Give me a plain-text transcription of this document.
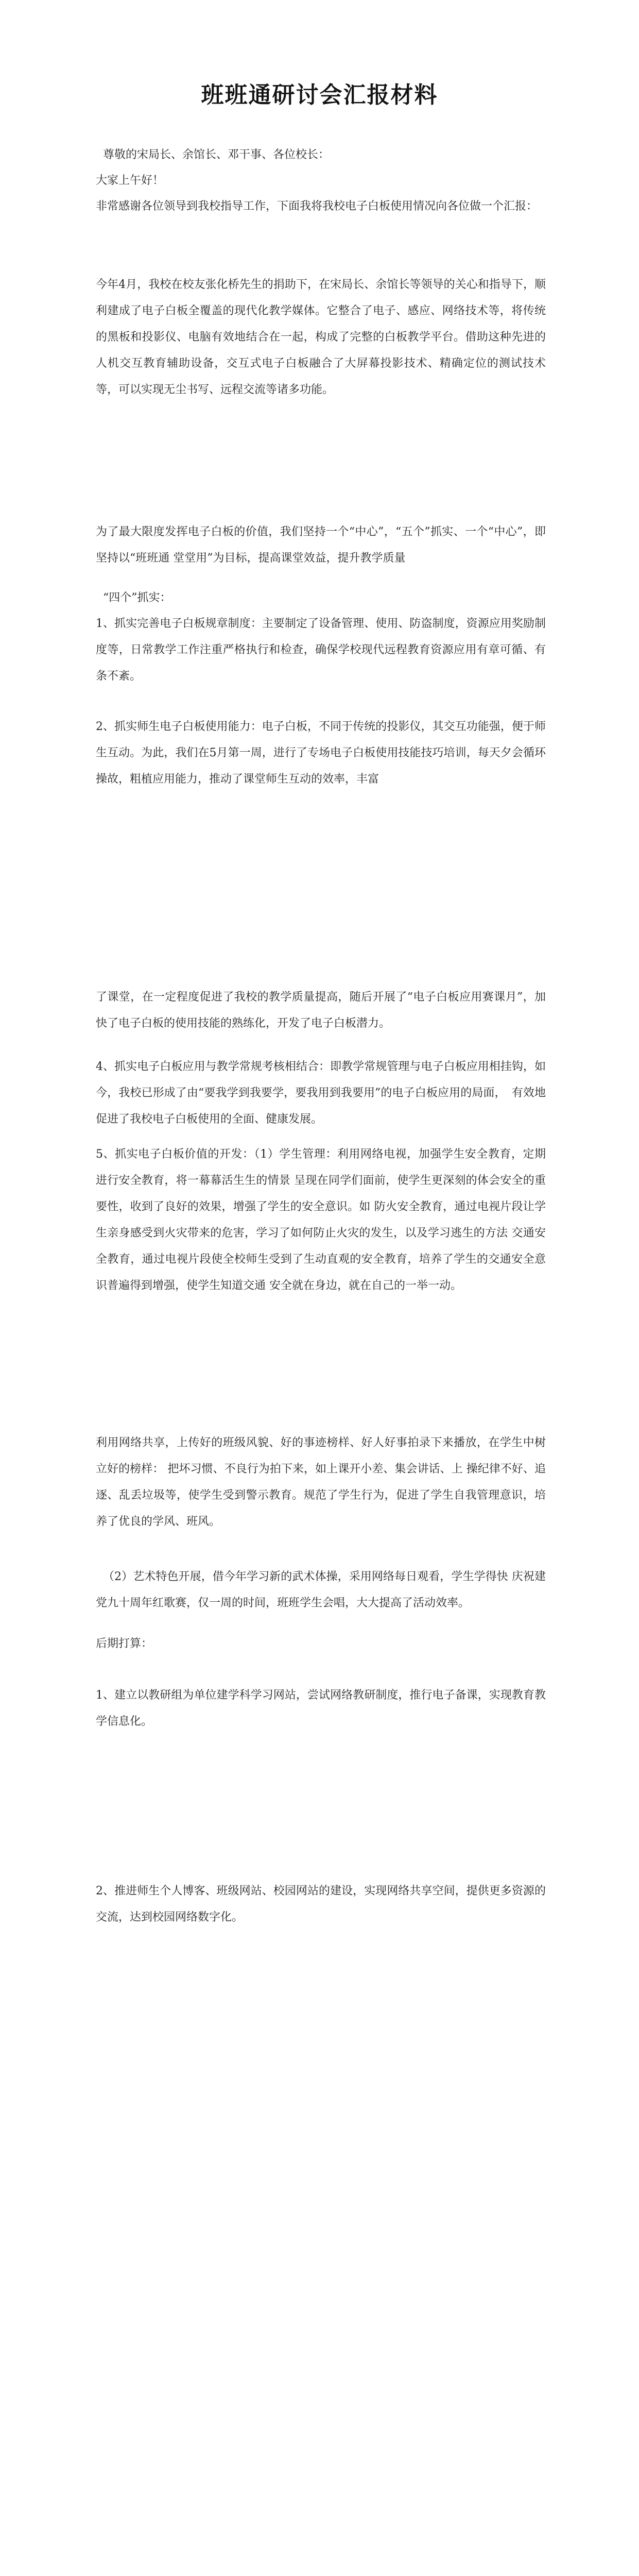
班班通研讨会汇报材料

尊敬的宋局长、余馆长、邓干事、各位校长：

大家上午好！

非常感谢各位领导到我校指导工作，下面我将我校电子白板使用情况向各位做一个汇报：

今年4月，我校在校友张化桥先生的捐助下，在宋局长、余馆长等领导的关心和指导下，顺利建成了电子白板全覆盖的现代化教学媒体。它整合了电子、感应、网络技术等，将传统的黑板和投影仪、电脑有效地结合在一起，构成了完整的白板教学平台。借助这种先进的人机交互教育辅助设备，交互式电子白板融合了大屏幕投影技术、精确定位的测试技术等，可以实现无尘书写、远程交流等诸多功能。

为了最大限度发挥电子白板的价值，我们坚持一个“中心”，“五个”抓实、一个“中心”，即坚持以“班班通 堂堂用”为目标，提高课堂效益，提升教学质量

“四个”抓实：

1、抓实完善电子白板规章制度：主要制定了设备管理、使用、防盗制度，资源应用奖励制度等，日常教学工作注重严格执行和检查，确保学校现代远程教育资源应用有章可循、有条不紊。

2、抓实师生电子白板使用能力：电子白板，不同于传统的投影仪，其交互功能强，便于师生互动。为此，我们在5月第一周，进行了专场电子白板使用技能技巧培训，每天夕会循环操故，粗植应用能力，推动了课堂师生互动的效率，丰富

了课堂，在一定程度促进了我校的教学质量提高，随后开展了“电子白板应用赛课月”，加快了电子白板的使用技能的熟练化，开发了电子白板潜力。

4、抓实电子白板应用与教学常规考核相结合：即教学常规管理与电子白板应用相挂钩，如今，我校已形成了由“要我学到我要学，要我用到我要用”的电子白板应用的局面，　有效地促进了我校电子白板使用的全面、健康发展。

5、抓实电子白板价值的开发：（1）学生管理：利用网络电视，加强学生安全教育，定期进行安全教育，将一幕幕活生生的情景 呈现在同学们面前，使学生更深刻的体会安全的重要性，收到了良好的效果，增强了学生的安全意识。如 防火安全教育，通过电视片段让学生亲身感受到火灾带来的危害，学习了如何防止火灾的发生，以及学习逃生的方法 交通安全教育，通过电视片段使全校师生受到了生动直观的安全教育，培养了学生的交通安全意识普遍得到增强，使学生知道交通 安全就在身边，就在自己的一举一动。

利用网络共享，上传好的班级风貌、好的事迹榜样、好人好事拍录下来播放，在学生中树立好的榜样： 把坏习惯、不良行为拍下来，如上课开小差、集会讲话、上 操纪律不好、追逐、乱丢垃圾等，使学生受到警示教育。规范了学生行为，促进了学生自我管理意识，培养了优良的学风、班风。

（2）艺术特色开展，借今年学习新的武术体操，采用网络每日观看，学生学得快 庆祝建党九十周年红歌赛，仅一周的时间，班班学生会唱，大大提高了活动效率。

后期打算：

1、建立以教研组为单位建学科学习网站，尝试网络教研制度，推行电子备课，实现教育教学信息化。

2、推进师生个人博客、班级网站、校园网站的建设，实现网络共享空间，提供更多资源的交流，达到校园网络数字化。
